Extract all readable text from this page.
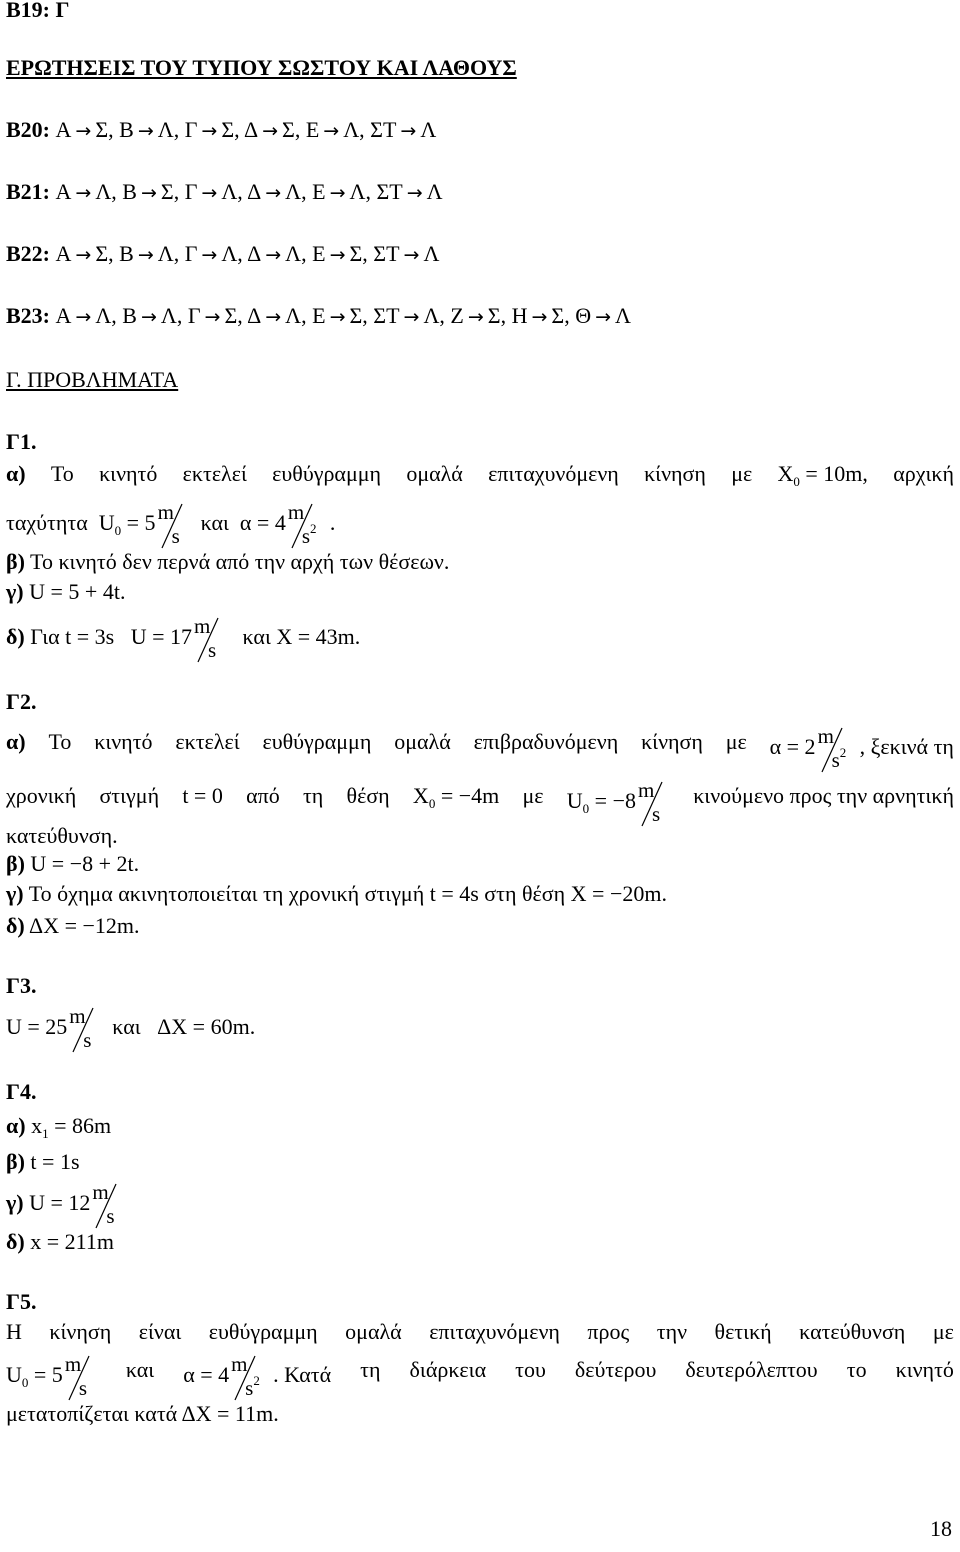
B19: Γ
ΕΡΩΤΗΣΕΙΣ ΤΟΥ ΤΥΠΟΥ ΣΩΣΤΟΥ ΚΑΙ ΛΑΘΟΥΣ
B20: Α → Σ, Β → Λ, Γ → Σ, Δ → Σ, Ε → Λ, ΣΤ → Λ
B21: Α → Λ, Β → Σ, Γ → Λ, Δ → Λ, Ε → Λ, ΣΤ → Λ
B22: Α → Σ, Β → Λ, Γ → Λ, Δ → Λ, Ε → Σ, ΣΤ → Λ
B23: Α → Λ, Β → Λ, Γ → Σ, Δ → Λ, Ε → Σ, ΣΤ → Λ, Ζ → Σ, Η → Σ, Θ → Λ
Γ. ΠΡΟΒΛΗΜΑΤΑ
Γ1.
α) Το κινητό εκτελεί ευθύγραμμη ομαλά επιταχυνόμενη κίνηση με $X_0 = 10m$, αρχική
ταχύτητα $U_0 = 5$ m
s
και α = 4 m
$s^2$ .
β) Το κινητό δεν περνά από την αρχή των θέσεων.
γ) U = 5 + 4t.
δ) Για t = 3s U = 17 m
s
και X = 43m.
Γ2.
α) Το κινητό εκτελεί ευθύγραμμη ομαλά επιβραδυνόμενη κίνηση με α = 2 m
$s^2$ , ξεκινά τη
χρονική στιγμή t = 0 από τη θέση $X_0 = -4m$ με $U_0 = -8$ m
s
κινούμενο προς την αρνητική
κατεύθυνση.
β) U = −8 + 2t.
γ) Το όχημα ακινητοποιείται τη χρονική στιγμή t = 4s στη θέση X = −20m.
δ) ΔX = −12m.
Γ3.
U = 25 m
s
και ΔX = 60m.
Γ4.
α) $x_1 = 86m$
β) t = 1s
γ) U = 12 m
s
δ) x = 211m
Γ5.
Η κίνηση είναι ευθύγραμμη ομαλά επιταχυνόμενη προς την θετική κατεύθυνση με
$U_0 = 5$ m
s
και α = 4 m
$s^2$ . Κατά τη διάρκεια του δεύτερου δευτερόλεπτου το κινητό
μετατοπίζεται κατά ΔX = 11m.
18
